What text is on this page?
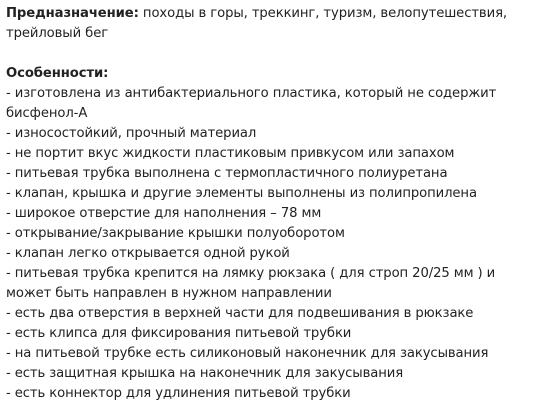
Предназначение: походы в горы, треккинг, туризм, велопутешествия, трейловый бег

Особенности:

- изготовлена из антибактериального пластика, который не содержит бисфенол-А
- износостойкий, прочный материал
- не портит вкус жидкости пластиковым привкусом или запахом
- питьевая трубка выполнена с термопластичного полиуретана
- клапан, крышка и другие элементы выполнены из полипропилена
- широкое отверстие для наполнения – 78 мм
- открывание/закрывание крышки полуоборотом
- клапан легко открывается одной рукой
- питьевая трубка крепится на лямку рюкзака ( для строп 20/25 мм ) и может быть направлен в нужном направлении
- есть два отверстия в верхней части для подвешивания в рюкзаке
- есть клипса для фиксирования питьевой трубки
- на питьевой трубке есть силиконовый наконечник для закусывания
- есть защитная крышка на наконечник для закусывания
- есть коннектор для удлинения питьевой трубки
